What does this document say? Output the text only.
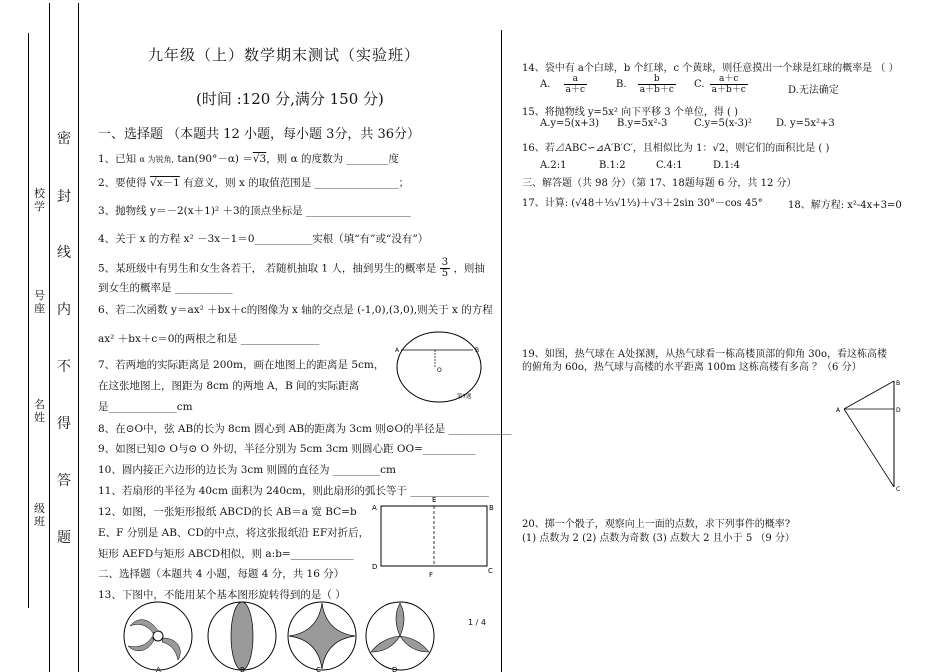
校学
号座
名姓
级班
密
封
线
内
不
得
答
题
九年级（上）数学期末测试（实验班）
(时间 :120 分,满分 150 分)
一、选择题 （本题共 12 小题，每小题 3分，共 36分）
1、已知 α 为锐角, tan(90°－α) ＝√3，则 α 的度数为 ________度
2、要使得 √x－1 有意义，则 x 的取值范围是 ________________；
3、抛物线 y＝－2(x＋1)² ＋3的顶点坐标是 ____________________
4、关于 x 的方程 x² －3x－1＝0___________实根（填“有”或“没有”）
5、某班级中有男生和女生各若干， 若随机抽取 1 人，抽到男生的概率是 $\frac{3}{5}$ ，则抽
到女生的概率是 ___________
6、若二次函数 y＝ax² ＋bx＋c的图像为 x 轴的交点是 (-1,0),(3,0),则关于 x 的方程
ax² ＋bx＋c＝0的两根之和是 _______________
7、若两地的实际距离是 200m，画在地图上的距离是 5cm，
在这张地图上，图距为 8cm 的两地 A，B 间的实际距离
是_____________cm
A	B
O
第7题
8、在⊙O中，弦 AB的长为 8cm 圆心到 AB的距离为 3cm 则⊙O的半径是 ____________
9、如图已知⊙ O与⊙ O 外切，半径分别为 5cm 3cm 则圆心距 OO=__________
10、圆内接正六边形的边长为 3cm 则圆的直径为 _________cm
11、若扇形的半径为 40cm 面积为 240cm，则此扇形的弧长等于 _______________
12、如图，一张矩形报纸 ABCD的长 AB＝a 宽 BC=b
E、F 分别是 AB、CD的中点，将这张报纸沿 EF对折后，
矩形 AEFD与矩形 ABCD相似，则 a:b=____________
A
E
B
D
F	C
二、选择题（本题共 4 小题，每题 4 分，共 16 分）
13、下图中，不能用某个基本图形旋转得到的是（ ）
A	B	C	D
1 / 4
14、袋中有 a个白球，b 个红球，c 个黄球，则任意摸出一个球是红球的概率是 （ ）
A. $\frac{a}{a+c}$	B. $\frac{b}{a+b+c} C$. $\frac{a+c}{a+b+c}$	D.无法确定
15、将抛物线 y=5x² 向下平移 3 个单位，得 ( )
A.y=5(x+3) B.y=5x²-3	C.y=5(x-3)² D. y=5x²+3
16、若⊿ABC∽⊿A′B′C′，且相似比为 1：√2，则它们的面积比是 ( )
A.2:1	B.1:2	C.4:1	D.1:4
三、解答题（共 98 分）（第 17、18题每题 6 分，共 12 分）
17、计算: (√48＋⅓√1⅓)＋√3＋2sin 30°－cos 45°	18、解方程: x²-4x+3=0
19、如图，热气球在 A处探测，从热气球看一栋高楼顶部的仰角 30o，看这栋高楼
的俯角为 60o，热气球与高楼的水平距离 100m 这栋高楼有多高 ？（6 分）
A
B
D
C
20、掷一个骰子，观察向上一面的点数，求下列事件的概率?
(1) 点数为 2 (2) 点数为奇数 (3) 点数大 2 且小于 5 （9 分）
